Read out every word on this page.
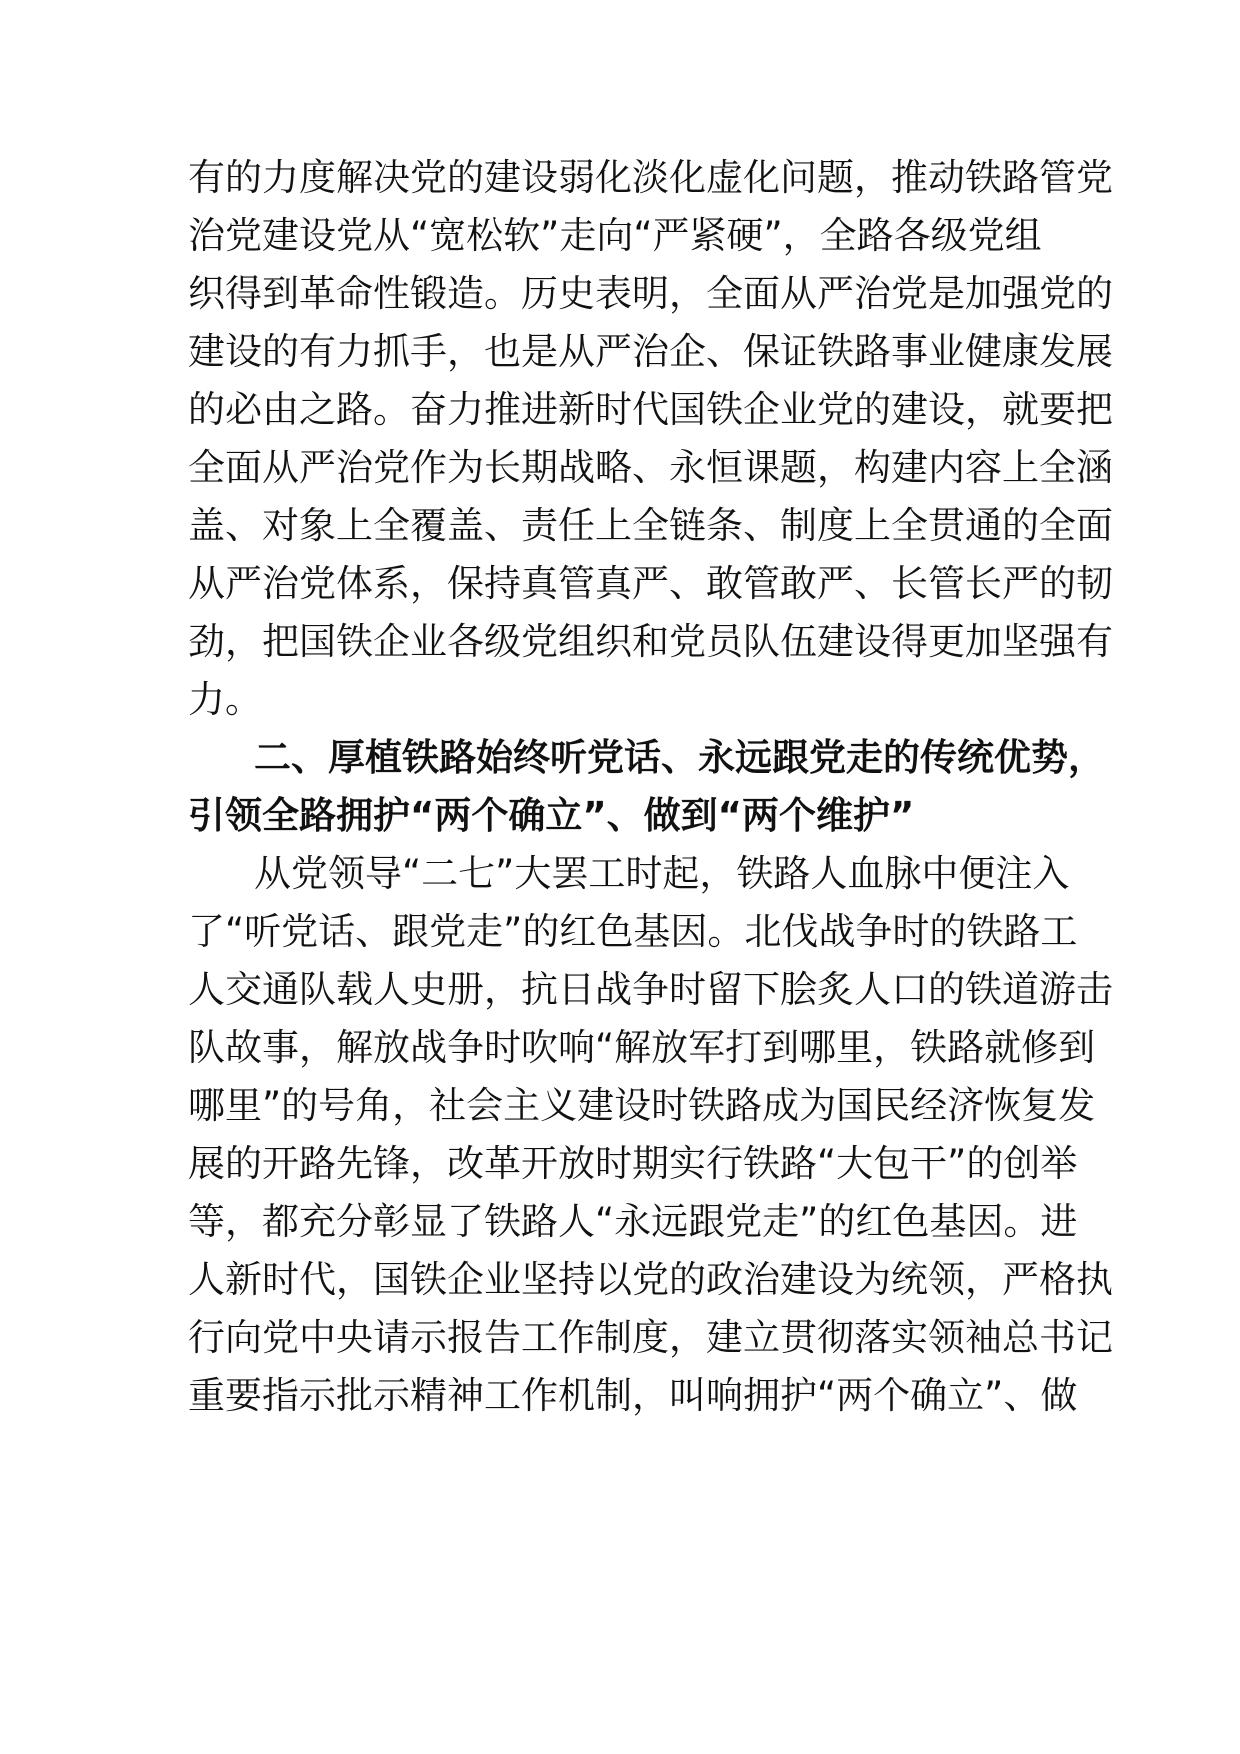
有的力度解决党的建设弱化淡化虚化问题，推动铁路管党
治党建设党从“宽松软”走向“严紧硬”，全路各级党组
织得到革命性锻造。历史表明，全面从严治党是加强党的
建设的有力抓手，也是从严治企、保证铁路事业健康发展
的必由之路。奋力推进新时代国铁企业党的建设，就要把
全面从严治党作为长期战略、永恒课题，构建内容上全涵
盖、对象上全覆盖、责任上全链条、制度上全贯通的全面
从严治党体系，保持真管真严、敢管敢严、长管长严的韧
劲，把国铁企业各级党组织和党员队伍建设得更加坚强有
力。
二、厚植铁路始终听党话、永远跟党走的传统优势，
引领全路拥护“两个确立”、做到“两个维护”
从党领导“二七”大罢工时起，铁路人血脉中便注入
了“听党话、跟党走”的红色基因。北伐战争时的铁路工
人交通队载人史册，抗日战争时留下脍炙人口的铁道游击
队故事，解放战争时吹响“解放军打到哪里，铁路就修到
哪里”的号角，社会主义建设时铁路成为国民经济恢复发
展的开路先锋，改革开放时期实行铁路“大包干”的创举
等，都充分彰显了铁路人“永远跟党走”的红色基因。进
人新时代，国铁企业坚持以党的政治建设为统领，严格执
行向党中央请示报告工作制度，建立贯彻落实领袖总书记
重要指示批示精神工作机制，叫响拥护“两个确立”、做
